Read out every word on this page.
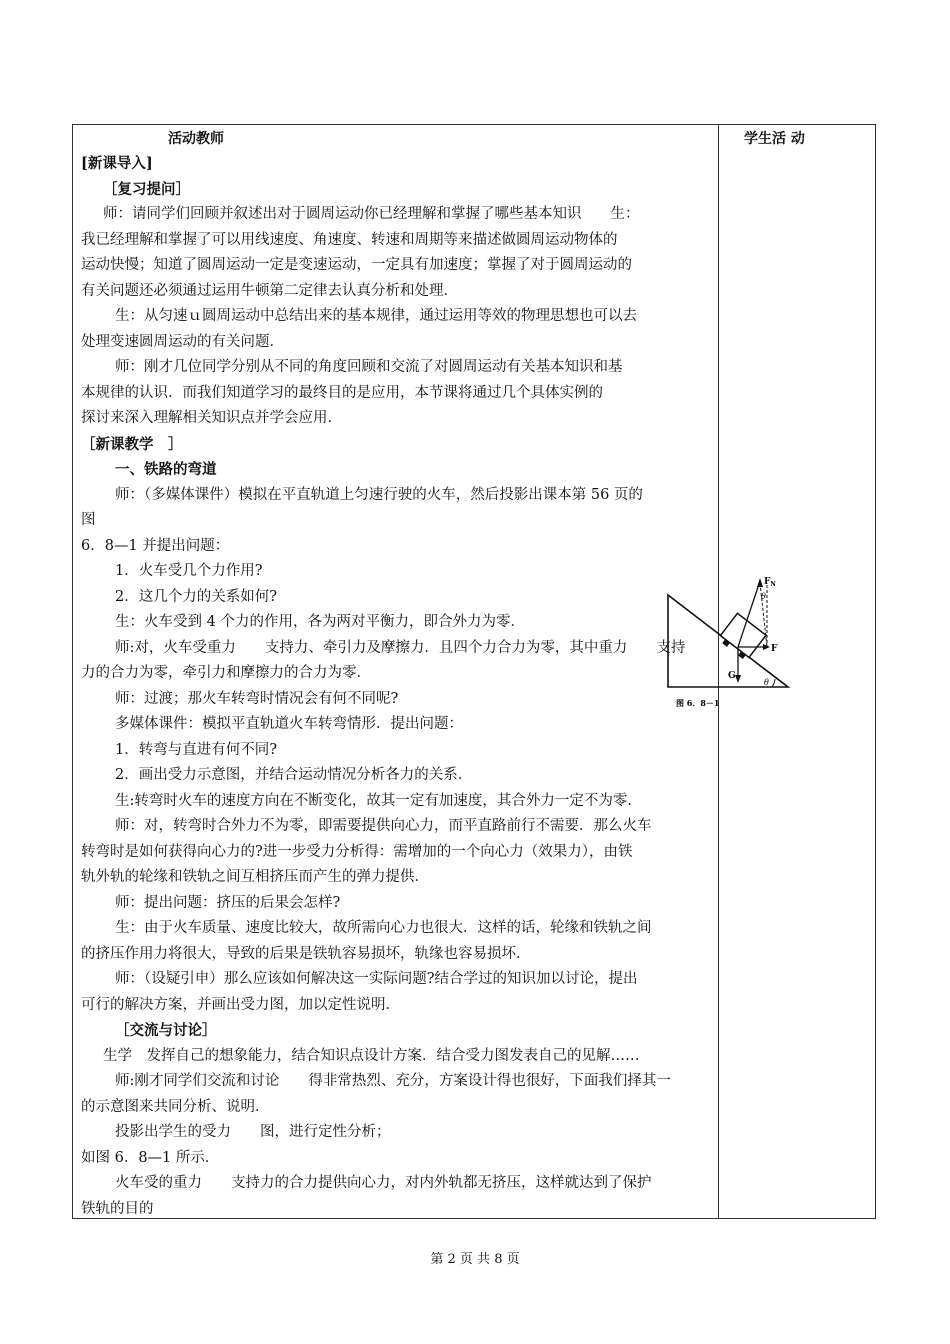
活动教师
[新课导入]
［复习提问］
师：请同学们回顾并叙述出对于圆周运动你已经理解和掌握了哪些基本知识　　生：
我已经理解和掌握了可以用线速度、角速度、转速和周期等来描述做圆周运动物体的
运动快慢；知道了圆周运动一定是变速运动，一定具有加速度；掌握了对于圆周运动的
有关问题还必须通过运用牛顿第二定律去认真分析和处理．
生：从匀速ｕ圆周运动中总结出来的基本规律，通过运用等效的物理思想也可以去
处理变速圆周运动的有关问题．
师：刚才几位同学分别从不同的角度回顾和交流了对圆周运动有关基本知识和基
本规律的认识．而我们知道学习的最终目的是应用，本节课将通过几个具体实例的
探讨来深入理解相关知识点并学会应用．
［新课教学　］
一、铁路的弯道
师：（多媒体课件）模拟在平直轨道上匀速行驶的火车，然后投影出课本第 56 页的
图
6．8—1 并提出问题：
1．火车受几个力作用?
2．这几个力的关系如何?
生：火车受到 4 个力的作用，各为两对平衡力，即合外力为零．
师:对，火车受重力　　支持力、牵引力及摩擦力．且四个力合力为零，其中重力　　支持
力的合力为零，牵引力和摩擦力的合力为零．
师：过渡；那火车转弯时情况会有何不同呢?
多媒体课件：模拟平直轨道火车转弯情形．提出问题：
1．转弯与直进有何不同?
2．画出受力示意图，并结合运动情况分析各力的关系．
生:转弯时火车的速度方向在不断变化，故其一定有加速度，其合外力一定不为零．
师：对，转弯时合外力不为零，即需要提供向心力，而平直路前行不需要．那么火车
转弯时是如何获得向心力的?进一步受力分析得：需增加的一个向心力（效果力），由铁
轨外轨的轮缘和铁轨之间互相挤压而产生的弹力提供．
师：提出问题：挤压的后果会怎样?
生：由于火车质量、速度比较大，故所需向心力也很大．这样的话，轮缘和铁轨之间
的挤压作用力将很大，导致的后果是铁轨容易损坏，轨缘也容易损坏．
师：（设疑引申）那么应该如何解决这一实际问题?结合学过的知识加以讨论，提出
可行的解决方案，并画出受力图，加以定性说明．
［交流与讨论］
生学　发挥自己的想象能力，结合知识点设计方案．结合受力图发表自己的见解……
师:刚才同学们交流和讨论　　得非常热烈、充分，方案设计得也很好，下面我们择其一
的示意图来共同分析、说明．
投影出学生的受力　　图，进行定性分析；
如图 6．8—1 所示．
火车受的重力　　支持力的合力提供向心力，对内外轨都无挤压，这样就达到了保护
铁轨的目的
学生活 动
$F_N$
θ
F
G
θ
图 6．8－1
第 2 页 共 8 页
